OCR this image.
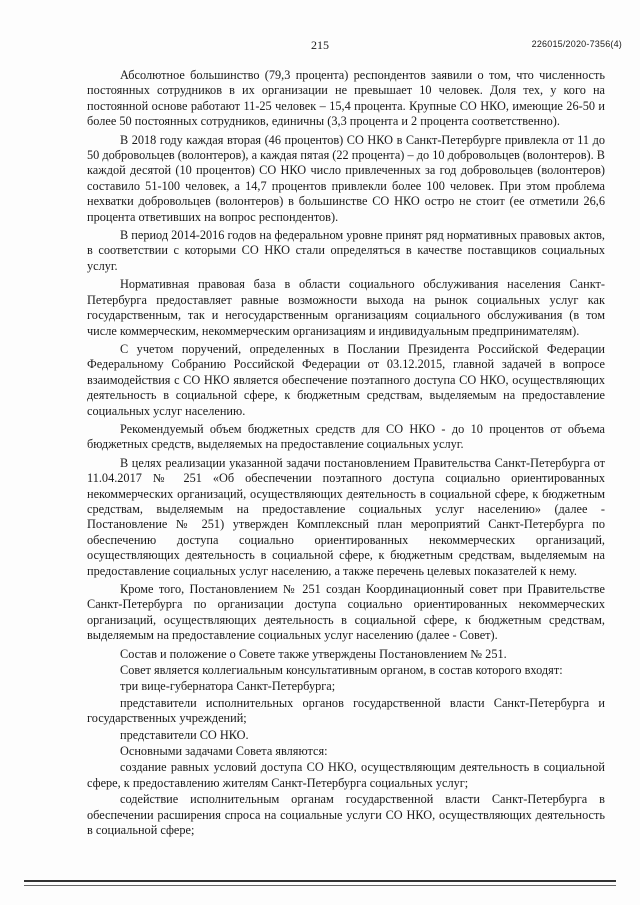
215	226015/2020-7356(4)

Абсолютное большинство (79,3 процента) респондентов заявили о том, что численность постоянных сотрудников в их организации не превышает 10 человек. Доля тех, у кого на постоянной основе работают 11-25 человек – 15,4 процента. Крупные СО НКО, имеющие 26-50 и более 50 постоянных сотрудников, единичны (3,3 процента и 2 процента соответственно).

В 2018 году каждая вторая (46 процентов) СО НКО в Санкт-Петербурге привлекла от 11 до 50 добровольцев (волонтеров), а каждая пятая (22 процента) – до 10 добровольцев (волонтеров). В каждой десятой (10 процентов) СО НКО число привлеченных за год добровольцев (волонтеров) составило 51-100 человек, а 14,7 процентов привлекли более 100 человек. При этом проблема нехватки добровольцев (волонтеров) в большинстве СО НКО остро не стоит (ее отметили 26,6 процента ответивших на вопрос респондентов).

В период 2014-2016 годов на федеральном уровне принят ряд нормативных правовых актов, в соответствии с которыми СО НКО стали определяться в качестве поставщиков социальных услуг.

Нормативная правовая база в области социального обслуживания населения Санкт-Петербурга предоставляет равные возможности выхода на рынок социальных услуг как государственным, так и негосударственным организациям социального обслуживания (в том числе коммерческим, некоммерческим организациям и индивидуальным предпринимателям).

С учетом поручений, определенных в Послании Президента Российской Федерации Федеральному Собранию Российской Федерации от 03.12.2015, главной задачей в вопросе взаимодействия с СО НКО является обеспечение поэтапного доступа СО НКО, осуществляющих деятельность в социальной сфере, к бюджетным средствам, выделяемым на предоставление социальных услуг населению.

Рекомендуемый объем бюджетных средств для СО НКО - до 10 процентов от объема бюджетных средств, выделяемых на предоставление социальных услуг.

В целях реализации указанной задачи постановлением Правительства Санкт-Петербурга от 11.04.2017 № 251 «Об обеспечении поэтапного доступа социально ориентированных некоммерческих организаций, осуществляющих деятельность в социальной сфере, к бюджетным средствам, выделяемым на предоставление социальных услуг населению» (далее - Постановление № 251) утвержден Комплексный план мероприятий Санкт-Петербурга по обеспечению доступа социально ориентированных некоммерческих организаций, осуществляющих деятельность в социальной сфере, к бюджетным средствам, выделяемым на предоставление социальных услуг населению, а также перечень целевых показателей к нему.

Кроме того, Постановлением № 251 создан Координационный совет при Правительстве Санкт-Петербурга по организации доступа социально ориентированных некоммерческих организаций, осуществляющих деятельность в социальной сфере, к бюджетным средствам, выделяемым на предоставление социальных услуг населению (далее - Совет).

Состав и положение о Совете также утверждены Постановлением № 251.

Совет является коллегиальным консультативным органом, в состав которого входят:

три вице-губернатора Санкт-Петербурга;

представители исполнительных органов государственной власти Санкт-Петербурга и государственных учреждений;

представители СО НКО.

Основными задачами Совета являются:

создание равных условий доступа СО НКО, осуществляющим деятельность в социальной сфере, к предоставлению жителям Санкт-Петербурга социальных услуг;

содействие исполнительным органам государственной власти Санкт-Петербурга в обеспечении расширения спроса на социальные услуги СО НКО, осуществляющих деятельность в социальной сфере;
